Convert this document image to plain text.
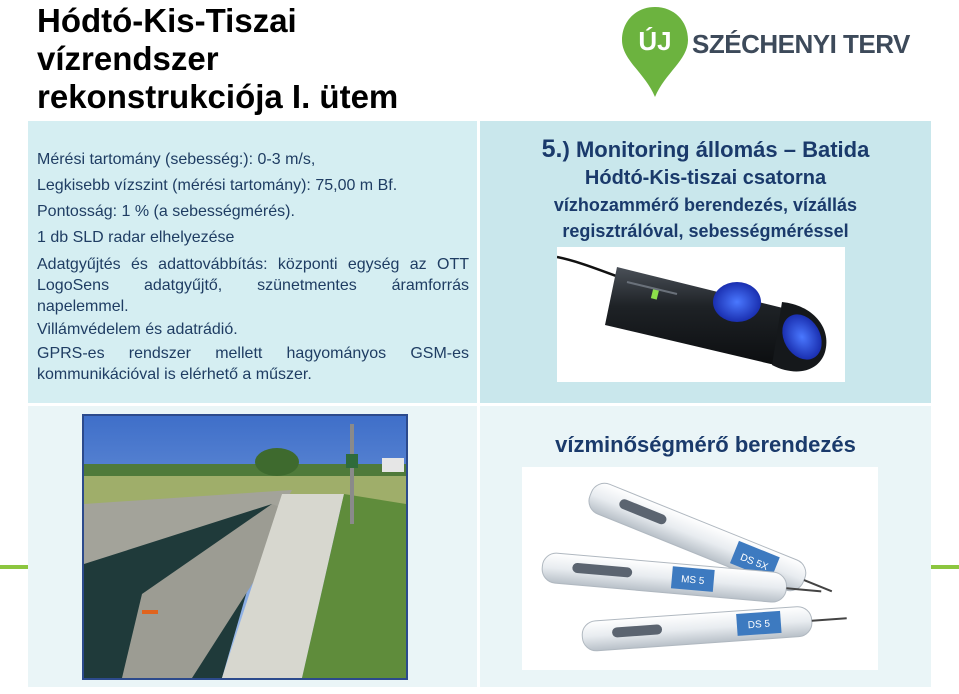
Hódtó-Kis-Tiszai
vízrendszer
rekonstrukciója I. ütem
ÚJ SZÉCHENYI TERV
Mérési tartomány (sebesség:): 0-3 m/s,
Legkisebb vízszint (mérési tartomány): 75,00 m Bf.
Pontosság: 1 % (a sebességmérés).
1 db SLD radar elhelyezése
Adatgyűjtés és adattovábbítás: központi egység az OTT LogoSens adatgyűjtő, szünetmentes áramforrás napelemmel.
Villámvédelem és adatrádió.
GPRS-es rendszer mellett hagyományos GSM-es kommunikációval is elérhető a műszer.
5.) Monitoring állomás – Batida
Hódtó-Kis-tiszai csatorna
vízhozammérő berendezés, vízállás
regisztrálóval, sebességméréssel
vízminőségmérő berendezés
DS 5X
MS 5
DS 5
